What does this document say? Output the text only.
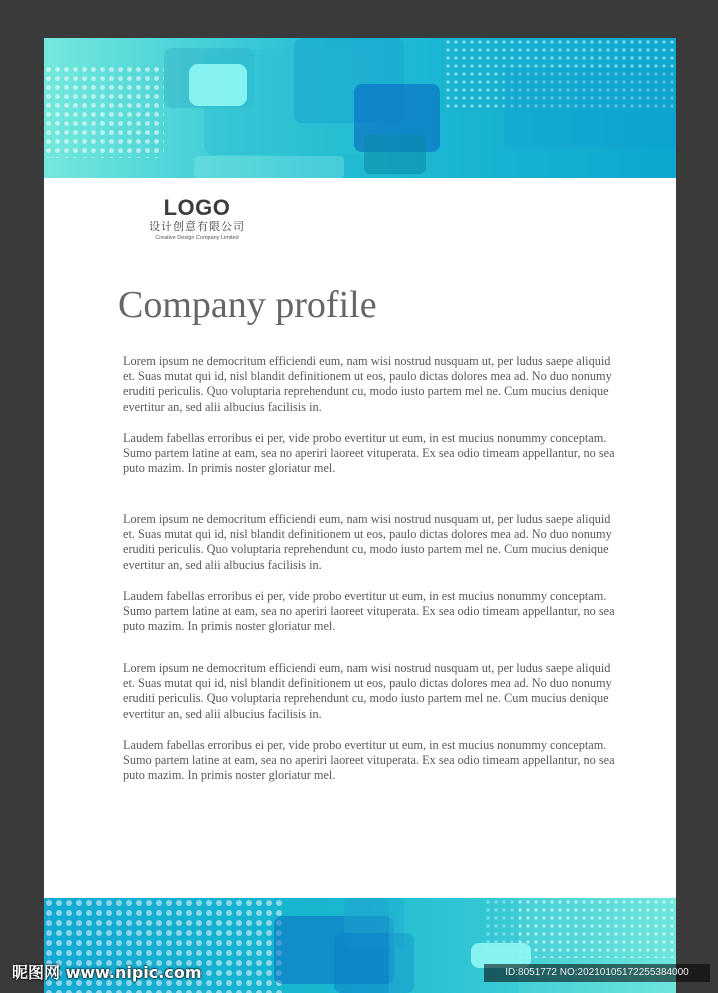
LOGO
设计创意有限公司
Creative Design Company Limited
Company profile

Lorem ipsum ne democritum efficiendi eum, nam wisi nostrud nusquam ut, per ludus saepe aliquid et. Suas mutat qui id, nisl blandit definitionem ut eos, paulo dictas dolores mea ad. No duo nonumy eruditi periculis. Quo voluptaria reprehendunt cu, modo iusto partem mel ne. Cum mucius denique evertitur an, sed alii albucius facilisis in.

Laudem fabellas erroribus ei per, vide probo evertitur ut eum, in est mucius nonummy conceptam. Sumo partem latine at eam, sea no aperiri laoreet vituperata. Ex sea odio timeam appellantur, no sea puto mazim. In primis noster gloriatur mel.

Lorem ipsum ne democritum efficiendi eum, nam wisi nostrud nusquam ut, per ludus saepe aliquid et. Suas mutat qui id, nisl blandit definitionem ut eos, paulo dictas dolores mea ad. No duo nonumy eruditi periculis. Quo voluptaria reprehendunt cu, modo iusto partem mel ne. Cum mucius denique evertitur an, sed alii albucius facilisis in.

Laudem fabellas erroribus ei per, vide probo evertitur ut eum, in est mucius nonummy conceptam. Sumo partem latine at eam, sea no aperiri laoreet vituperata. Ex sea odio timeam appellantur, no sea puto mazim. In primis noster gloriatur mel.

Lorem ipsum ne democritum efficiendi eum, nam wisi nostrud nusquam ut, per ludus saepe aliquid et. Suas mutat qui id, nisl blandit definitionem ut eos, paulo dictas dolores mea ad. No duo nonumy eruditi periculis. Quo voluptaria reprehendunt cu, modo iusto partem mel ne. Cum mucius denique evertitur an, sed alii albucius facilisis in.

Laudem fabellas erroribus ei per, vide probo evertitur ut eum, in est mucius nonummy conceptam. Sumo partem latine at eam, sea no aperiri laoreet vituperata. Ex sea odio timeam appellantur, no sea puto mazim. In primis noster gloriatur mel.

昵图网 www.nipic.com	ID:8051772 NO:20210105172255384000
